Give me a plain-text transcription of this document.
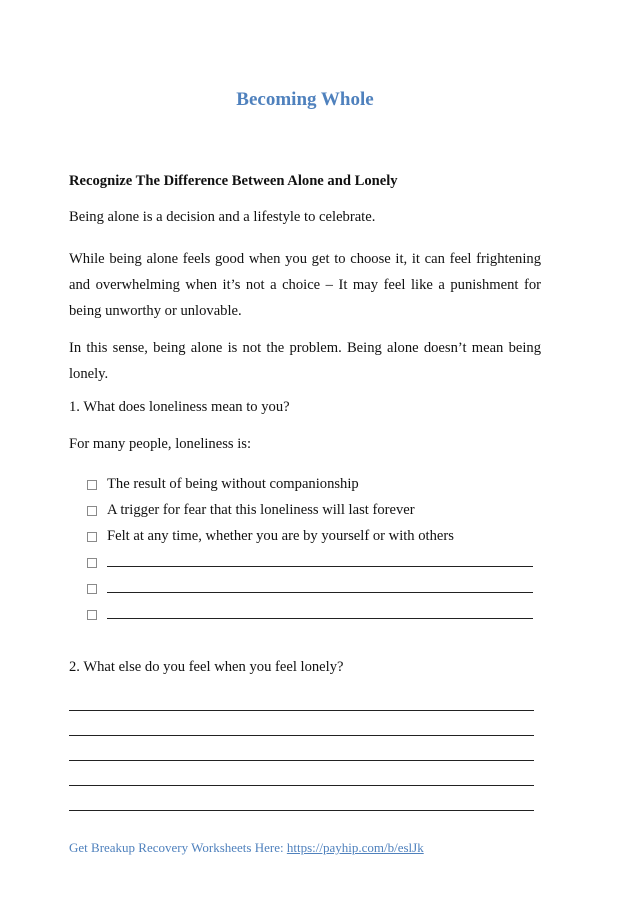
Becoming Whole
Recognize The Difference Between Alone and Lonely
Being alone is a decision and a lifestyle to celebrate.
While being alone feels good when you get to choose it, it can feel frightening and overwhelming when it’s not a choice – It may feel like a punishment for being unworthy or unlovable.
In this sense, being alone is not the problem. Being alone doesn’t mean being lonely.
1. What does loneliness mean to you?
For many people, loneliness is:
The result of being without companionship
A trigger for fear that this loneliness will last forever
Felt at any time, whether you are by yourself or with others
2. What else do you feel when you feel lonely?
Get Breakup Recovery Worksheets Here: https://payhip.com/b/eslJk
